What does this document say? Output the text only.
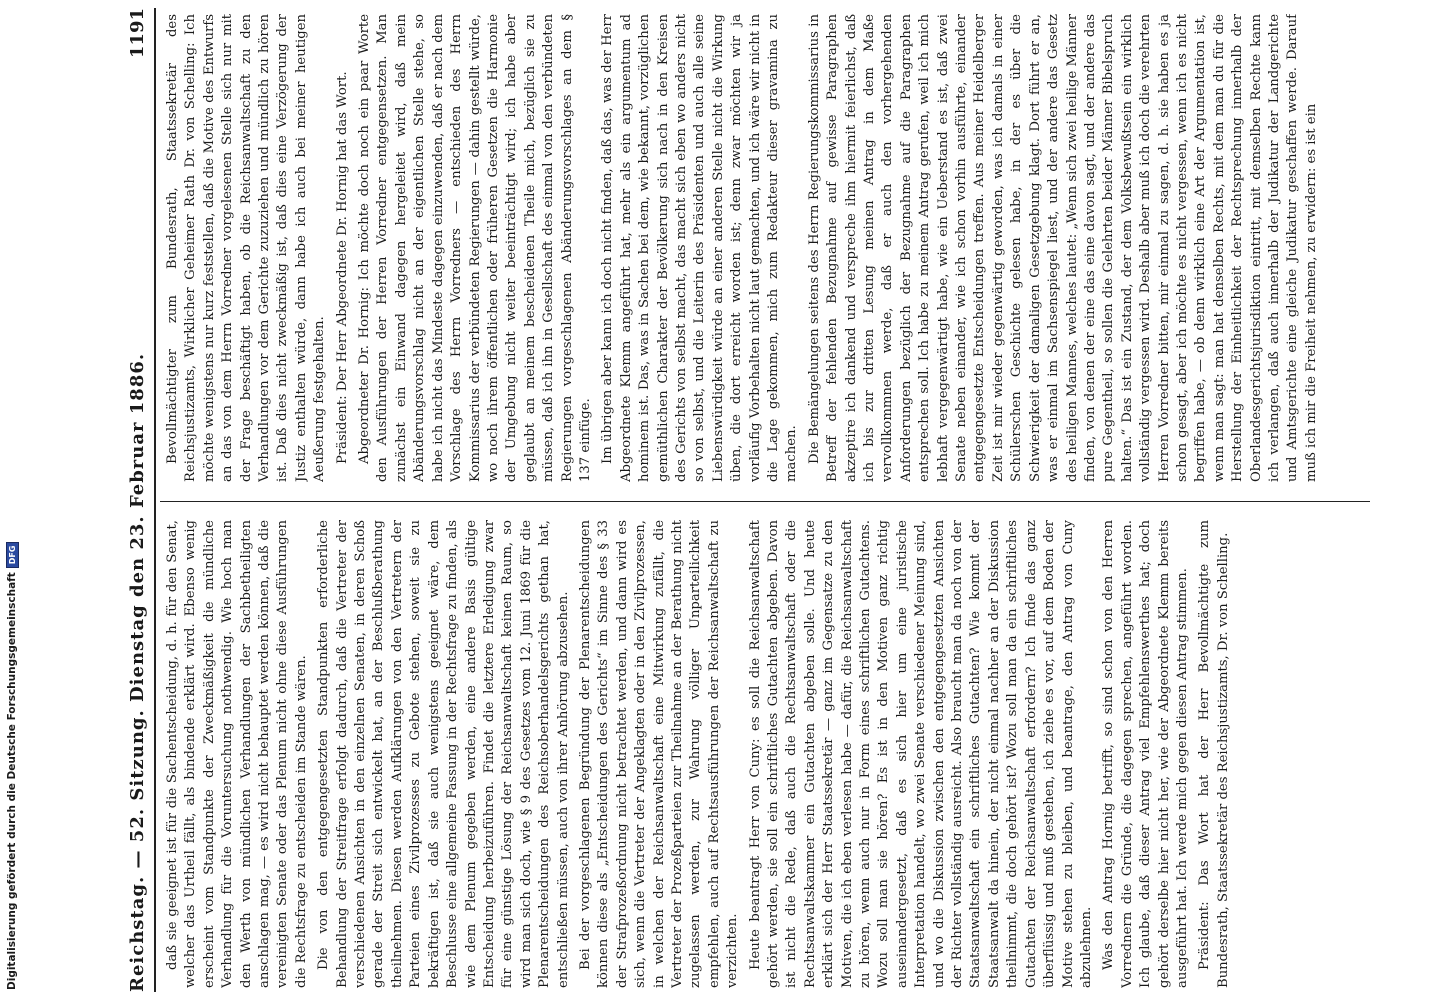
Reichstag. — 52. Sitzung. Dienstag den 23. Februar 1886.
1191

daß sie geeignet ist für die Sachentscheidung, d. h. für den Senat, welcher das Urtheil fällt, als bindende erklärt wird. Ebenso wenig erscheint vom Standpunkte der Zweckmäßigkeit die mündliche Verhandlung für die Voruntersuchung nothwendig. Wie hoch man den Werth von mündlichen Verhandlungen der Sachbetheiligten anschlagen mag, — es wird nicht behauptet werden können, daß die vereinigten Senate oder das Plenum nicht ohne diese Ausführungen die Rechtsfrage zu entscheiden im Stande wären. Die von den entgegengesetzten Standpunkten erforderliche Behandlung der Streitfrage erfolgt dadurch, daß die Vertreter der verschiedenen Ansichten in den einzelnen Senaten, in deren Schoß gerade der Streit sich entwickelt hat, an der Beschlußberathung theilnehmen. Diesen werden Aufklärungen von den Vertretern der Parteien eines Zivilprozesses zu Gebote stehen, soweit sie zu bekräftigen ist, daß sie auch wenigstens geeignet wäre, dem Beschlusse eine allgemeine Fassung in der Rechtsfrage zu finden, als wie dem Plenum gegeben werden, eine andere Basis gültige Entscheidung herbeizuführen. Findet die letztere Erledigung zwar für eine günstige Lösung der Reichsanwaltschaft keinen Raum, so wird man sich doch, wie § 9 des Gesetzes vom 12. Juni 1869 für die Plenarentscheidungen des Reichsoberhandelsgerichts gethan hat, entschließen müssen, auch von ihrer Anhörung abzusehen. Bei der vorgeschlagenen Begründung der Plenarentscheidungen können diese als „Entscheidungen des Gerichts“ im Sinne des § 33 der Strafprozeßordnung nicht betrachtet werden, und dann wird es sich, wenn die Vertreter der Angeklagten oder in den Zivilprozessen, in welchen der Reichsanwaltschaft eine Mitwirkung zufällt, die Vertreter der Prozeßparteien zur Theilnahme an der Berathung nicht zugelassen werden, zur Wahrung völliger Unparteilichkeit empfehlen, auch auf Rechtsausführungen der Reichsanwaltschaft zu verzichten. Heute beantragt Herr von Cuny: es soll die Reichsanwaltschaft gehört werden, sie soll ein schriftliches Gutachten abgeben. Davon ist nicht die Rede, daß auch die Rechtsanwaltschaft oder die Rechtsanwaltskammer ein Gutachten abgeben solle. Und heute erklärt sich der Herr Staatssekretär — ganz im Gegensatze zu den Motiven, die ich eben verlesen habe — dafür, die Reichsanwaltschaft zu hören, wenn auch nur in Form eines schriftlichen Gutachtens. Wozu soll man sie hören? Es ist in den Motiven ganz richtig auseinandergesetzt, daß es sich hier um eine juristische Interpretation handelt, wo zwei Senate verschiedener Meinung sind, und wo die Diskussion zwischen den entgegengesetzten Ansichten der Richter vollständig ausreicht. Also braucht man da noch von der Staatsanwaltschaft ein schriftliches Gutachten? Wie kommt der Staatsanwalt da hinein, der nicht einmal nachher an der Diskussion theilnimmt, die doch gehört ist? Wozu soll man da ein schriftliches Gutachten der Reichsanwaltschaft erfordern? Ich finde das ganz überflüssig und muß gestehen, ich ziehe es vor, auf dem Boden der Motive stehen zu bleiben, und beantrage, den Antrag von Cuny abzulehnen. Was den Antrag Hornig betrifft, so sind schon von den Herren Vorrednern die Gründe, die dagegen sprechen, angeführt worden. Ich glaube, daß dieser Antrag viel Empfehlenswerthes hat; doch gehört derselbe hier nicht her, wie der Abgeordnete Klemm bereits ausgeführt hat. Ich werde mich gegen diesen Antrag stimmen. Präsident: Das Wort hat der Herr Bevollmächtigte zum Bundesrath, Staatssekretär des Reichsjustizamts, Dr. von Schelling.

Bevollmächtigter zum Bundesrath, Staatssekretär des Reichsjustizamts, Wirklicher Geheimer Rath Dr. von Schelling: Ich möchte wenigstens nur kurz feststellen, daß die Motive des Entwurfs an das von dem Herrn Vorredner vorgelesenen Stelle sich nur mit der Frage beschäftigt haben, ob die Reichsanwaltschaft zu den Verhandlungen vor dem Gerichte zuzuziehen und mündlich zu hören ist. Daß dies nicht zweckmäßig ist, daß dies eine Verzögerung der Justiz enthalten würde, dann habe ich auch bei meiner heutigen Aeußerung festgehalten. Präsident: Der Herr Abgeordnete Dr. Hornig hat das Wort. Abgeordneter Dr. Hornig: Ich möchte doch noch ein paar Worte den Ausführungen der Herren Vorredner entgegensetzen. Man zunächst ein Einwand dagegen hergeleitet wird, daß mein Abänderungsvorschlag nicht an der eigentlichen Stelle stehe, so habe ich nicht das Mindeste dagegen einzuwenden, daß er nach dem Vorschlage des Herrn Vorredners — entschieden des Herrn Kommissarius der verbündeten Regierungen — dahin gestellt würde, wo noch ihrem öffentlichen oder früheren Gesetzen die Harmonie der Umgebung nicht weiter beeinträchtigt wird; ich habe aber geglaubt an meinem bescheidenen Theile mich, bezüglich sie zu müssen, daß ich ihn in Gesellschaft des einmal von den verbündeten Regierungen vorgeschlagenen Abänderungsvorschlages an dem § 137 einfüge. Im übrigen aber kann ich doch nicht finden, daß das, was der Herr Abgeordnete Klemm angeführt hat, mehr als ein argumentum ad hominem ist. Das, was in Sachen bei dem, wie bekannt, vorzüglichen gemüthlichen Charakter der Bevölkerung sich nach in den Kreisen des Gerichts von selbst macht, das macht sich eben wo anders nicht so von selbst, und die Leiterin des Präsidenten und auch alle seine Liebenswürdigkeit würde an einer anderen Stelle nicht die Wirkung üben, die dort erreicht worden ist; denn zwar möchten wir ja vorläufig Vorbehalten nicht laut gemachten, und ich wäre wir nicht in die Lage gekommen, mich zum Redakteur dieser gravamina zu machen. Die Bemängelungen seitens des Herrn Regierungskommissarius in Betreff der fehlenden Bezugnahme auf gewisse Paragraphen akzeptire ich dankend und verspreche ihm hiermit feierlichst, daß ich bis zur dritten Lesung meinen Antrag in dem Maße vervollkommnen werde, daß er auch den vorhergehenden Anforderungen bezüglich der Bezugnahme auf die Paragraphen entsprechen soll. Ich habe zu meinem Antrag gerufen, weil ich mich lebhaft vergegenwärtigt habe, wie ein Ueberstand es ist, daß zwei Senate neben einander, wie ich schon vorhin ausführte, einander entgegengesetzte Entscheidungen treffen. Aus meiner Heidelberger Zeit ist mir wieder gegenwärtig geworden, was ich damals in einer Schülerschen Geschichte gelesen habe, in der es über die Schwierigkeit der damaligen Gesetzgebung klagt. Dort führt er an, was er einmal im Sachsenspiegel liest, und der andere das Gesetz des heiligen Mannes, welches lautet: „Wenn sich zwei heilige Männer finden, von denen der eine das eine davon sagt, und der andere das pure Gegentheil, so sollen die Gelehrten beider Männer Bibelspruch halten.“ Das ist ein Zustand, der dem Volksbewußtsein ein wirklich vollständig vergessen wird. Deshalb aber muß ich doch die verehrten Herren Vorredner bitten, mir einmal zu sagen, d. h. sie haben es ja schon gesagt, aber ich möchte es nicht vergessen, wenn ich es nicht begriffen habe, — ob denn wirklich eine Art der Argumentation ist, wenn man sagt: man hat denselben Rechts, mit dem man du für die Herstellung der Einheitlichkeit der Rechtsprechung innerhalb der Oberlandesgerichtsjurisdiktion eintritt, mit demselben Rechte kann ich verlangen, daß auch innerhalb der Judikatur der Landgerichte und Amtsgerichte eine gleiche Judikatur geschaffen werde. Darauf muß ich mir die Freiheit nehmen, zu erwidern: es ist ein

Digitalisierung gefördert durch die Deutsche Forschungsgemeinschaft
DFG
